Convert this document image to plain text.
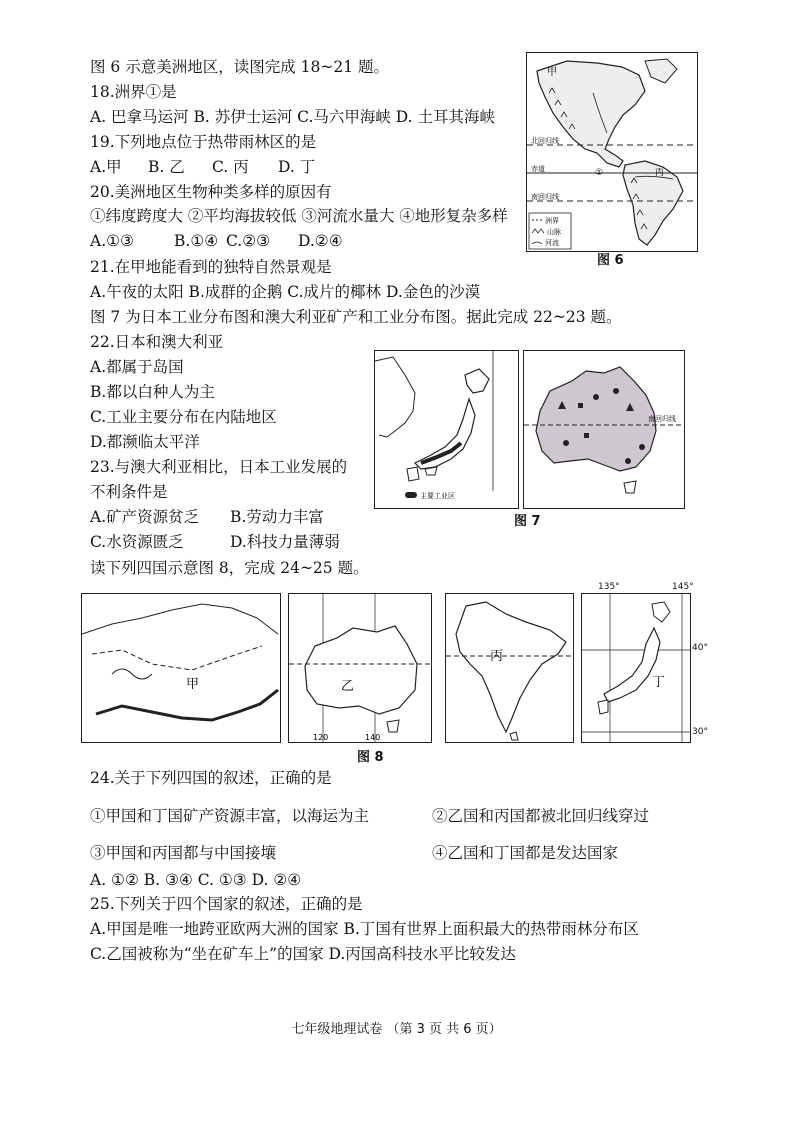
图 6 示意美洲地区，读图完成 18~21 题。
18.洲界①是
A. 巴拿马运河 B. 苏伊士运河 C.马六甲海峡 D. 土耳其海峡
19.下列地点位于热带雨林区的是
A.甲 B. 乙 C. 丙 D. 丁
20.美洲地区生物种类多样的原因有
①纬度跨度大 ②平均海拔较低 ③河流水量大 ④地形复杂多样
A.①③	B.①④ C.②③ D.②④
21.在甲地能看到的独特自然景观是
A.午夜的太阳 B.成群的企鹅 C.成片的椰林 D.金色的沙漠
图 7 为日本工业分布图和澳大利亚矿产和工业分布图。据此完成 22~23 题。
22.日本和澳大利亚
A.都属于岛国
B.都以白种人为主
C.工业主要分布在内陆地区
D.都濒临太平洋
23.与澳大利亚相比，日本工业发展的
不利条件是
A.矿产资源贫乏 B.劳动力丰富
C.水资源匮乏	D.科技力量薄弱
读下列四国示意图 8，完成 24~25 题。
甲
北回归线
赤道
南回归线
①	丙
洲界
山脉
河流
图 6
主要工业区
南回归线
图 7
甲	乙
120	140
丙
丁
135°	145°
40°
30°
图 8
24.关于下列四国的叙述，正确的是
①甲国和丁国矿产资源丰富，以海运为主	②乙国和丙国都被北回归线穿过
③甲国和丙国都与中国接壤	④乙国和丁国都是发达国家
A. ①② B. ③④ C. ①③ D. ②④
25.下列关于四个国家的叙述，正确的是
A.甲国是唯一地跨亚欧两大洲的国家 B.丁国有世界上面积最大的热带雨林分布区
C.乙国被称为“坐在矿车上”的国家 D.丙国高科技水平比较发达
七年级地理试卷 （第 3 页 共 6 页）
